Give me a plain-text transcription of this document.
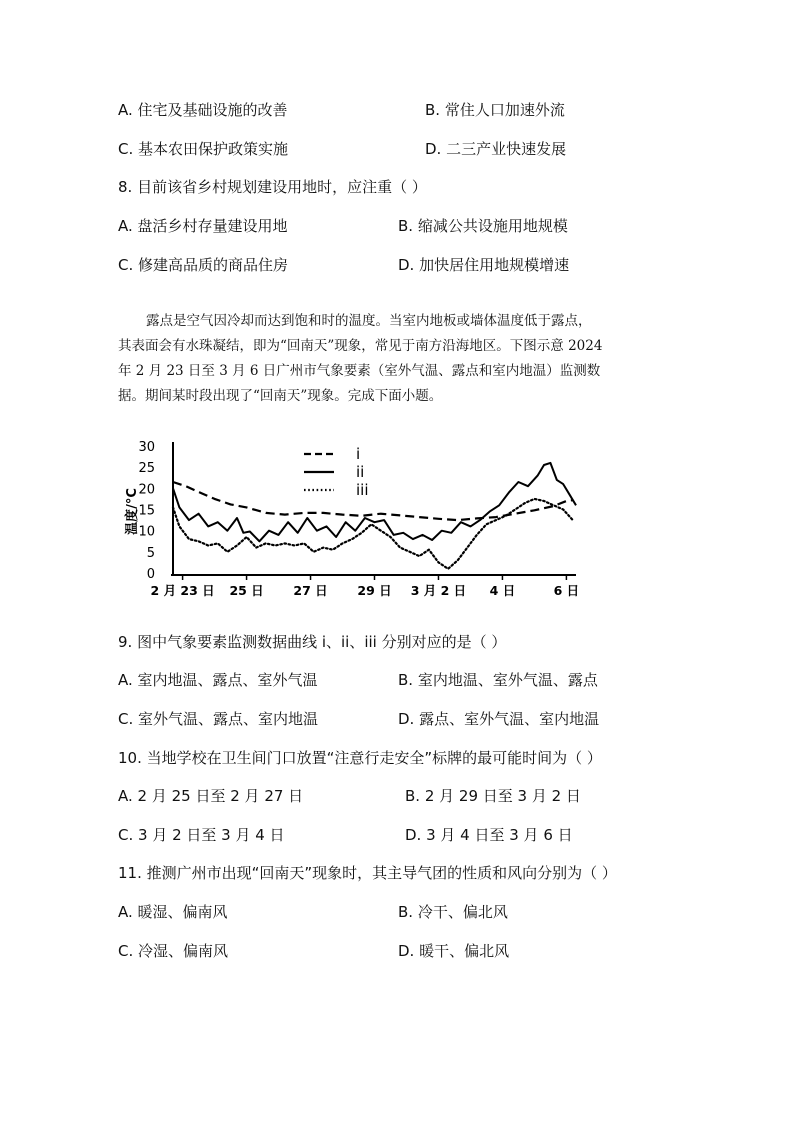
A. 住宅及基础设施的改善	B. 常住人口加速外流
C. 基本农田保护政策实施	D. 二三产业快速发展
8. 目前该省乡村规划建设用地时，应注重（ ）
A. 盘活乡村存量建设用地	B. 缩减公共设施用地规模
C. 修建高品质的商品住房	D. 加快居住用地规模增速

露点是空气因冷却而达到饱和时的温度。当室内地板或墙体温度低于露点，

其表面会有水珠凝结，即为“回南天”现象，常见于南方沿海地区。下图示意 2024

年 2 月 23 日至 3 月 6 日广州市气象要素（室外气温、露点和室内地温）监测数

据。期间某时段出现了“回南天”现象。完成下面小题。

0
5
10
15
20
25
30
温度/°C
2 月 23 日 25 日 27 日 29 日 3 月 2 日 4 日	6 日
i
ii
iii
9. 图中气象要素监测数据曲线 i、ii、iii 分别对应的是（ ）
A. 室内地温、露点、室外气温	B. 室内地温、室外气温、露点
C. 室外气温、露点、室内地温	D. 露点、室外气温、室内地温
10. 当地学校在卫生间门口放置“注意行走安全”标牌的最可能时间为（ ）
A. 2 月 25 日至 2 月 27 日	B. 2 月 29 日至 3 月 2 日
C. 3 月 2 日至 3 月 4 日	D. 3 月 4 日至 3 月 6 日
11. 推测广州市出现“回南天”现象时，其主导气团的性质和风向分别为（ ）
A. 暖湿、偏南风	B. 冷干、偏北风
C. 冷湿、偏南风	D. 暖干、偏北风
